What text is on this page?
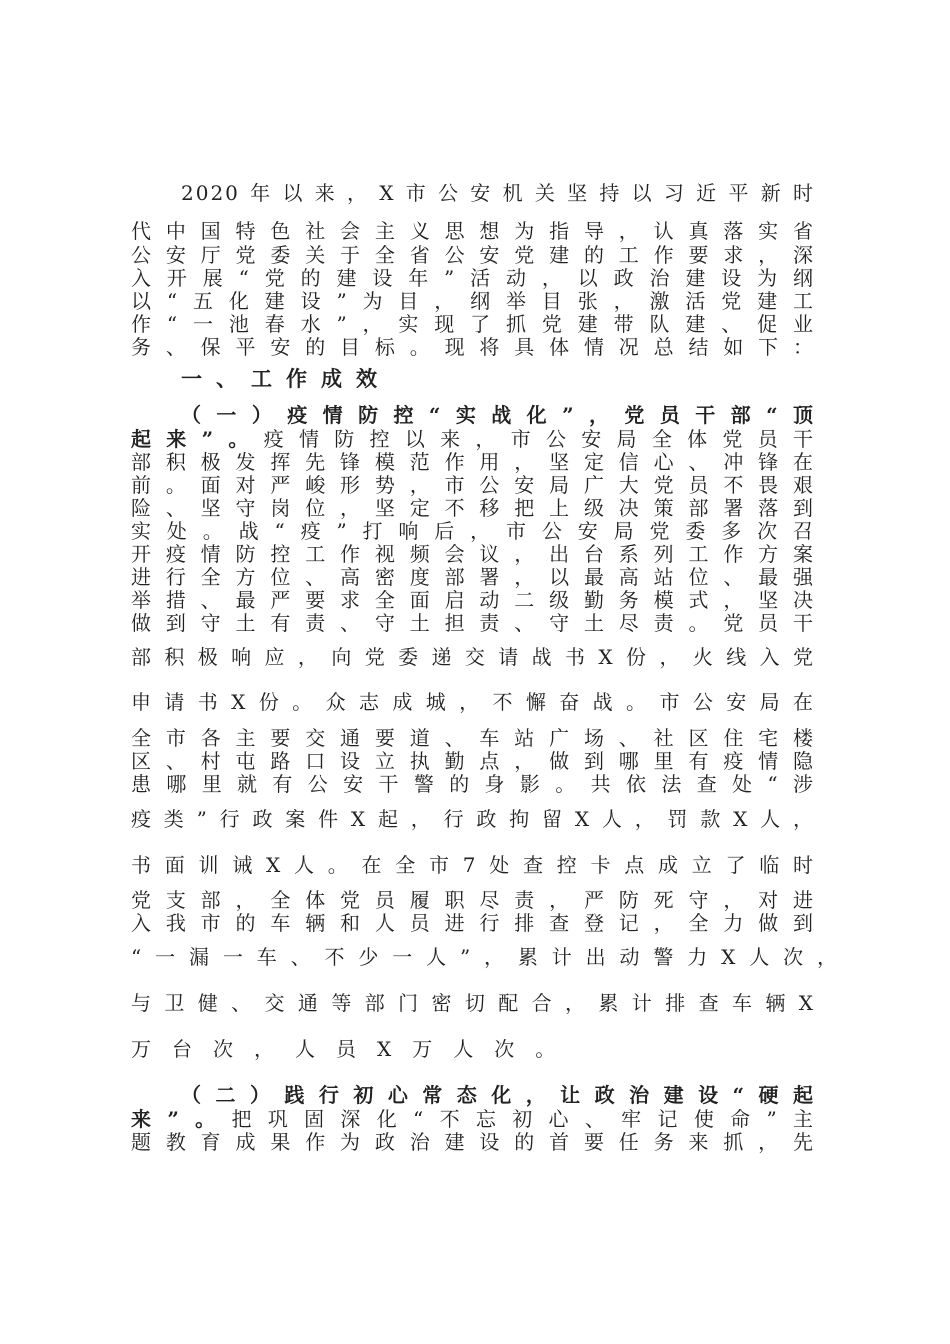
2020年以来，X市公安机关坚持以习近平新时
代中国特色社会主义思想为指导，认真落实省
公安厅党委关于全省公安党建的工作要求，深
入开展“党的建设年”活动，以政治建设为纲
以“五化建设”为目，纲举目张，激活党建工
作“一池春水”，实现了抓党建带队建、促业
务、保平安的目标。现将具体情况总结如下：
一、工作成效
（一）疫情防控“实战化”，党员干部“顶
起来”。疫情防控以来，市公安局全体党员干
部积极发挥先锋模范作用，坚定信心、冲锋在
前。面对严峻形势，市公安局广大党员不畏艰
险、坚守岗位，坚定不移把上级决策部署落到
实处。战“疫”打响后，市公安局党委多次召
开疫情防控工作视频会议，出台系列工作方案
进行全方位、高密度部署，以最高站位、最强
举措、最严要求全面启动二级勤务模式，坚决
做到守土有责、守土担责、守土尽责。党员干
部积极响应，向党委递交请战书X份，火线入党
申请书X份。众志成城，不懈奋战。市公安局在
全市各主要交通要道、车站广场、社区住宅楼
区、村屯路口设立执勤点，做到哪里有疫情隐
患哪里就有公安干警的身影。共依法查处“涉
疫类”行政案件X起，行政拘留X人，罚款X人，
书面训诫X人。在全市7处查控卡点成立了临时
党支部，全体党员履职尽责，严防死守，对进
入我市的车辆和人员进行排查登记，全力做到
“一漏一车、不少一人”，累计出动警力X人次，
与卫健、交通等部门密切配合，累计排查车辆X
万台次，人员X万人次。
（二）践行初心常态化，让政治建设“硬起
来”。把巩固深化“不忘初心、牢记使命”主
题教育成果作为政治建设的首要任务来抓，先
